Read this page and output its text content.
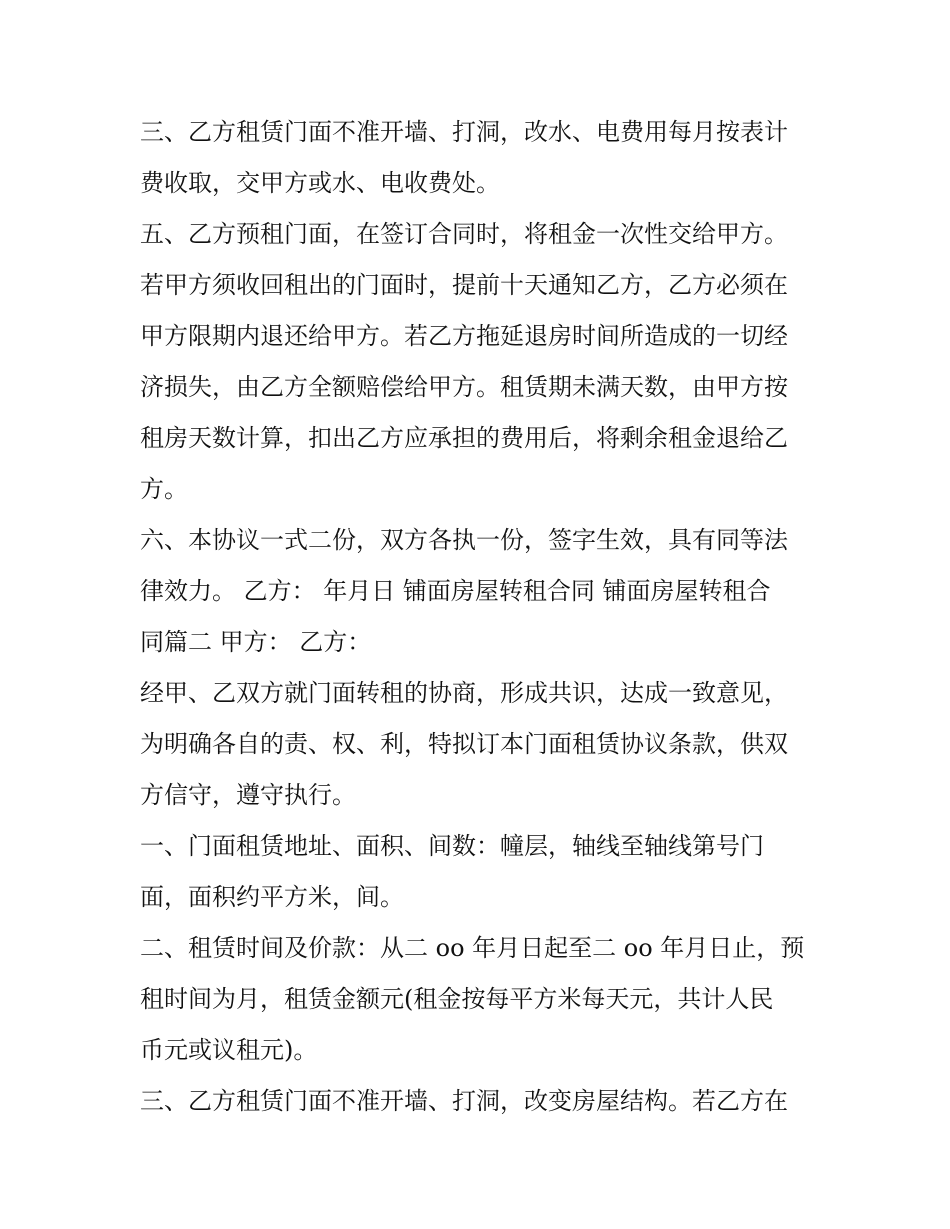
三、乙方租赁门面不准开墙、打洞，改水、电费用每月按表计
费收取，交甲方或水、电收费处。
五、乙方预租门面，在签订合同时，将租金一次性交给甲方。
若甲方须收回租出的门面时，提前十天通知乙方，乙方必须在
甲方限期内退还给甲方。若乙方拖延退房时间所造成的一切经
济损失，由乙方全额赔偿给甲方。租赁期未满天数，由甲方按
租房天数计算，扣出乙方应承担的费用后，将剩余租金退给乙
方。
六、本协议一式二份，双方各执一份，签字生效，具有同等法
律效力。 乙方： 年月日 铺面房屋转租合同 铺面房屋转租合
同篇二 甲方： 乙方：
经甲、乙双方就门面转租的协商，形成共识，达成一致意见，
为明确各自的责、权、利，特拟订本门面租赁协议条款，供双
方信守，遵守执行。
一、门面租赁地址、面积、间数：幢层，轴线至轴线第号门
面，面积约平方米，间。
二、租赁时间及价款：从二 oo 年月日起至二 oo 年月日止，预
租时间为月，租赁金额元(租金按每平方米每天元，共计人民
币元或议租元)。
三、乙方租赁门面不准开墙、打洞，改变房屋结构。若乙方在
